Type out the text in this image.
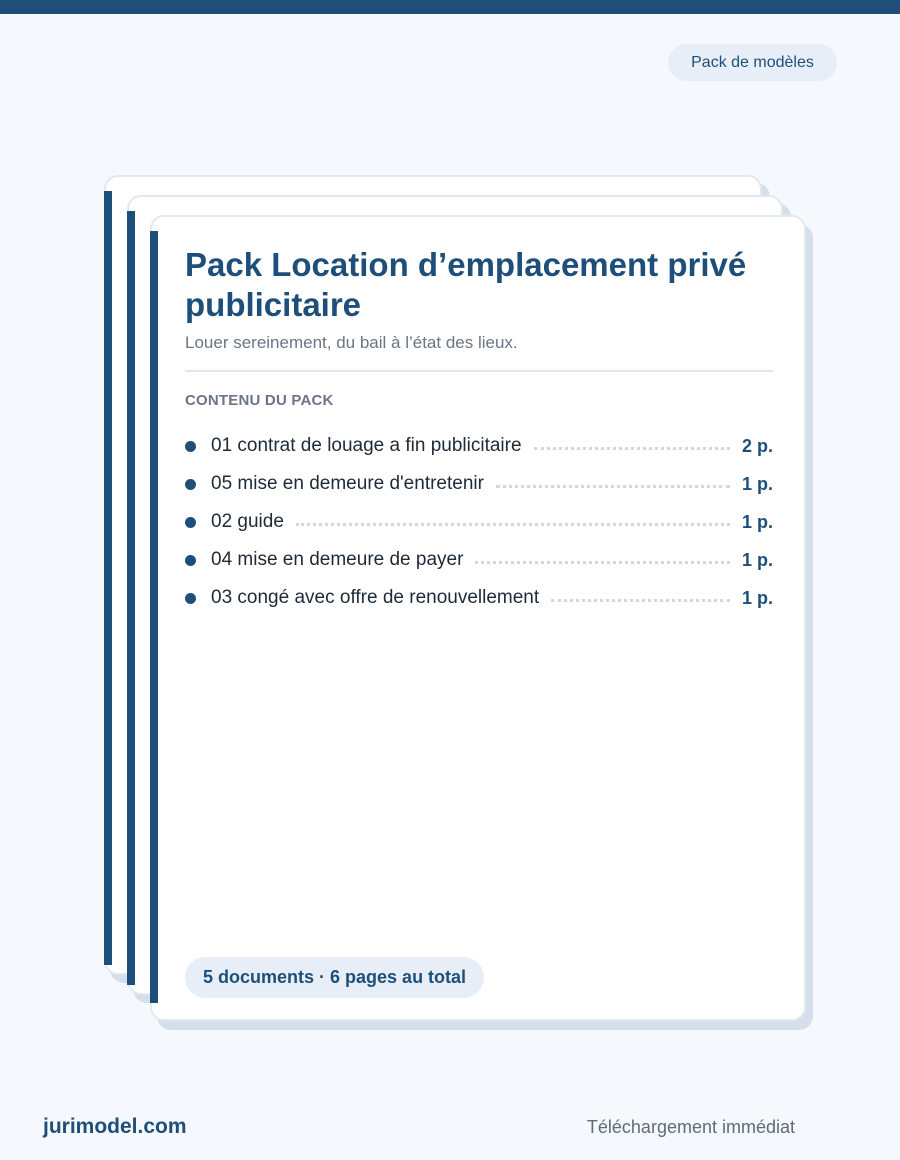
Pack de modèles
Pack Location d’emplacement privé publicitaire
Louer sereinement, du bail à l’état des lieux.
CONTENU DU PACK
01 contrat de louage a fin publicitaire	2 p.
05 mise en demeure d'entretenir	1 p.
02 guide	1 p.
04 mise en demeure de payer	1 p.
03 congé avec offre de renouvellement	1 p.
5 documents · 6 pages au total
jurimodel.com	Téléchargement immédiat
